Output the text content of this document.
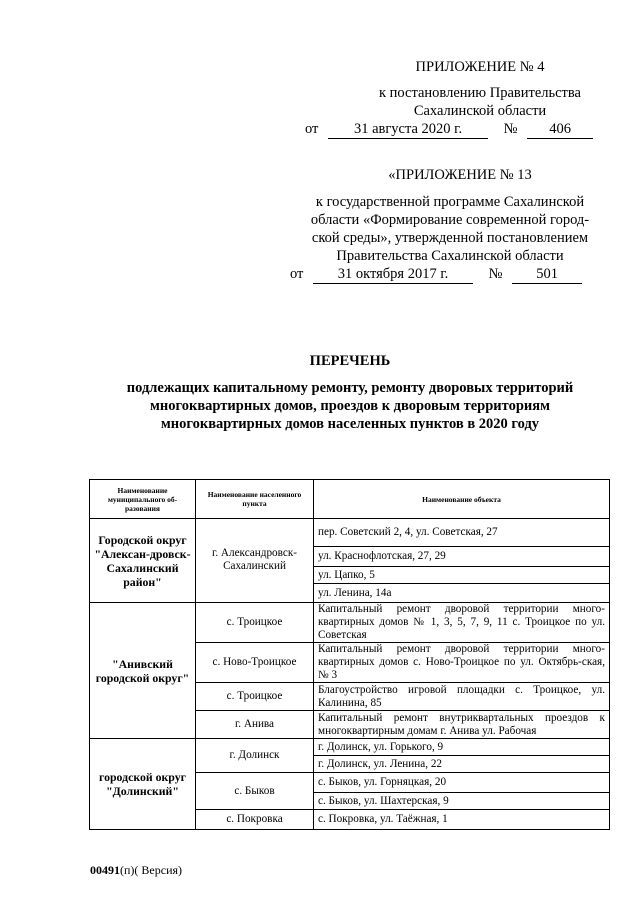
ПРИЛОЖЕНИЕ № 4
к постановлению Правительства
Сахалинской области
от 31 августа 2020 г.	№ 406
«ПРИЛОЖЕНИЕ № 13
к государственной программе Сахалинской
области «Формирование современной город-
ской среды», утвержденной постановлением
Правительства Сахалинской области
от 31 октября 2017 г.	№ 501
ПЕРЕЧЕНЬ
подлежащих капитальному ремонту, ремонту дворовых территорий
многоквартирных домов, проездов к дворовым территориям
многоквартирных домов населенных пунктов в 2020 году
Наименование муниципального об-разования	Наименование населенного пункта	Наименование объекта
Городской округ "Алексан-дровск-Сахалинский район"	г. Александровск-Сахалинский	пер. Советский 2, 4, ул. Советская, 27
		ул. Краснофлотская, 27, 29
		ул. Цапко, 5
		ул. Ленина, 14а
"Анивский городской округ"	с. Троицкое	Капитальный ремонт дворовой территории много-квартирных домов № 1, 3, 5, 7, 9, 11 с. Троицкое по ул. Советская
	с. Ново-Троицкое	Капитальный ремонт дворовой территории много-квартирных домов с. Ново-Троицкое по ул. Октябрь-ская, № 3
	с. Троицкое	Благоустройство игровой площадки с. Троицкое, ул. Калинина, 85
	г. Анива	Капитальный ремонт внутриквартальных проездов к многоквартирным домам г. Анива ул. Рабочая
городской округ "Долинский"	г. Долинск	г. Долинск, ул. Горького, 9
		г. Долинск, ул. Ленина, 22
	с. Быков	с. Быков, ул. Горняцкая, 20
		с. Быков, ул. Шахтерская, 9
	с. Покровка	с. Покровка, ул. Таёжная, 1
00491(п)( Версия)
